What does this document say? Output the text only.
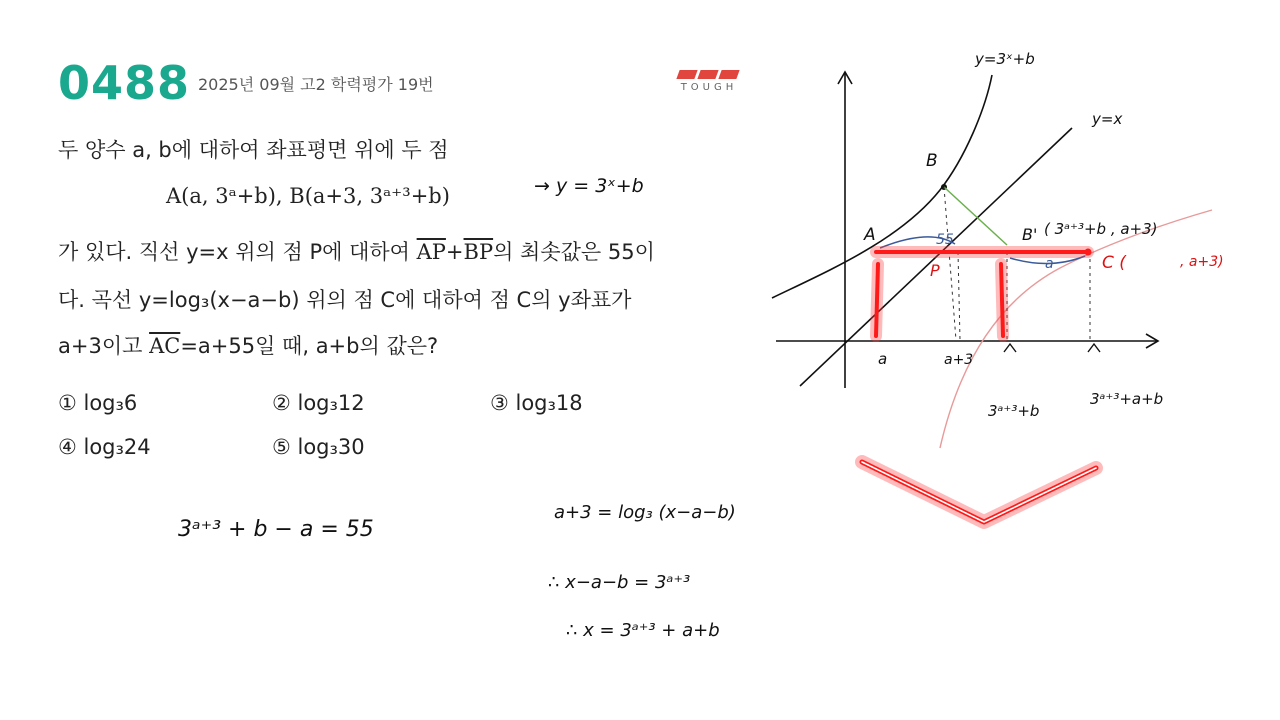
0488 2025년 09월 고2 학력평가 19번	TOUGH
두 양수 a, b에 대하여 좌표평면 위에 두 점
A(a, 3ᵃ+b), B(a+3, 3ᵃ⁺³+b)
가 있다. 직선 y=x 위의 점 P에 대하여 $\overline{AP}+\overline{BP}$의 최솟값은 55이
다. 곡선 y=log₃(x−a−b) 위의 점 C에 대하여 점 C의 y좌표가
a+3이고 $\overline{AC}=a+55$일 때, a+b의 값은?
① log₃6	② log₃12	③ log₃18
④ log₃24	⑤ log₃30
y=3ˣ+b
y=x
B
A	B' ( 3ᵃ⁺³+b , a+3)
55
a
P	C (	, a+3)
a	a+3
3ᵃ⁺³+b
3ᵃ⁺³+a+b
→ y = 3ˣ+b
3ᵃ⁺³ + b − a = 55
a+3 = log₃ (x−a−b)
∴ x−a−b = 3ᵃ⁺³
∴ x = 3ᵃ⁺³ + a+b
